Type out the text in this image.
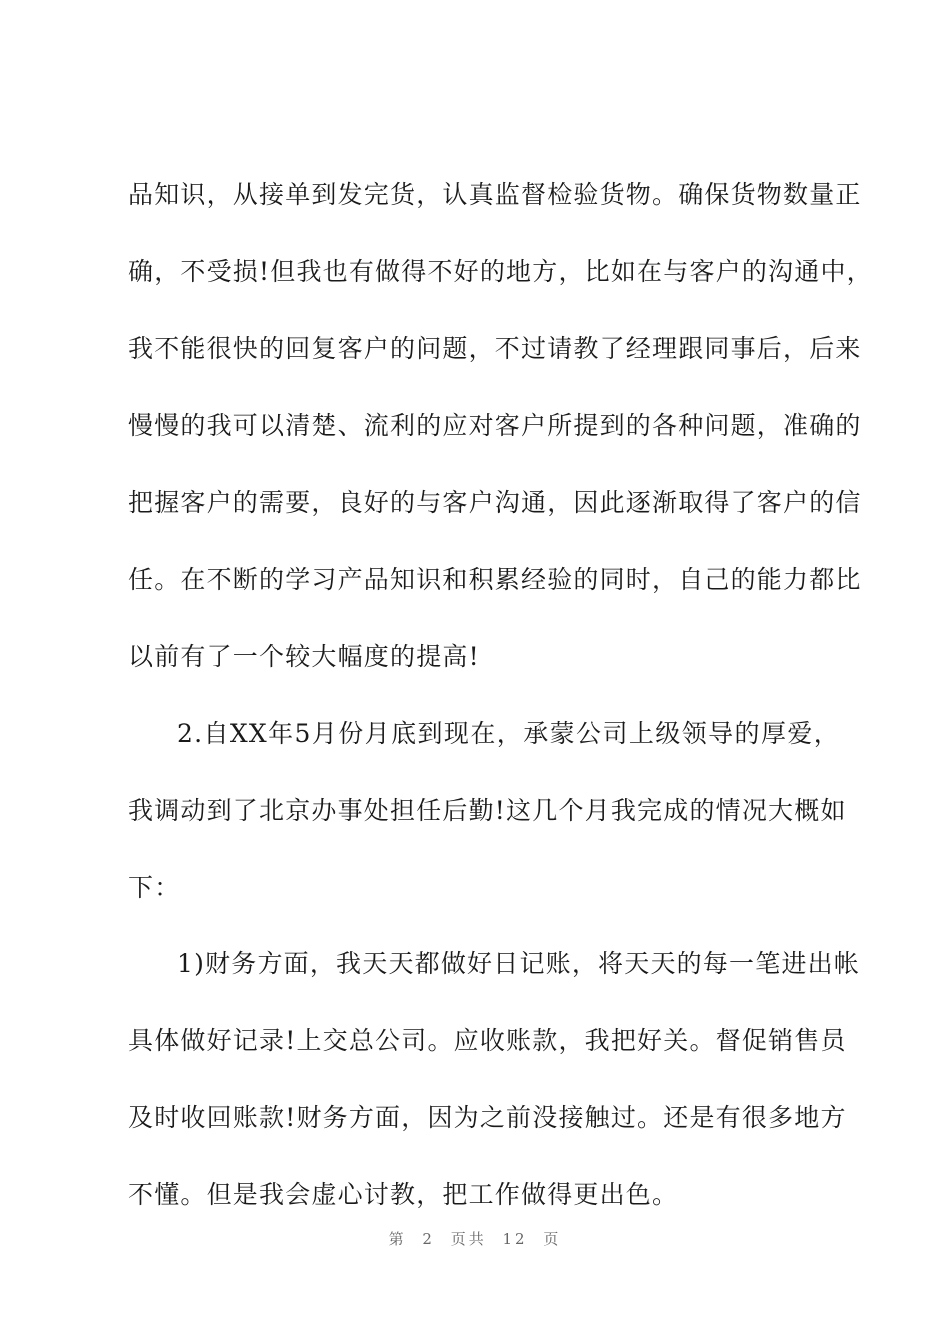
品知识，从接单到发完货，认真监督检验货物。确保货物数量正
确，不受损!但我也有做得不好的地方，比如在与客户的沟通中，
我不能很快的回复客户的问题，不过请教了经理跟同事后，后来
慢慢的我可以清楚、流利的应对客户所提到的各种问题，准确的
把握客户的需要，良好的与客户沟通，因此逐渐取得了客户的信
任。在不断的学习产品知识和积累经验的同时，自己的能力都比
以前有了一个较大幅度的提高!
2.自XX年5月份月底到现在，承蒙公司上级领导的厚爱，
我调动到了北京办事处担任后勤!这几个月我完成的情况大概如
下：
1)财务方面，我天天都做好日记账，将天天的每一笔进出帐
具体做好记录!上交总公司。应收账款，我把好关。督促销售员
及时收回账款!财务方面，因为之前没接触过。还是有很多地方
不懂。但是我会虚心讨教，把工作做得更出色。
第 2 页共 12 页
